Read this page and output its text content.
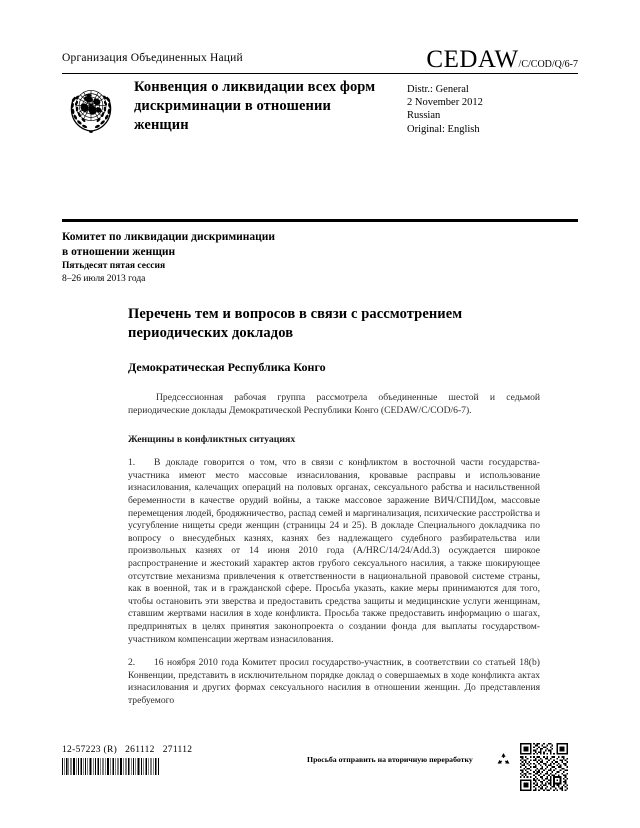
Организация Объединенных Наций	CEDAW /C/COD/Q/6-7
Конвенция о ликвидации всех форм дискриминации в отношении женщин
Distr.: General
2 November 2012
Russian
Original: English
Комитет по ликвидации дискриминации
в отношении женщин
Пятьдесят пятая сессия
8–26 июля 2013 года
Перечень тем и вопросов в связи с рассмотрением периодических докладов
Демократическая Республика Конго

Предсессионная рабочая группа рассмотрела объединенные шестой и седьмой периодические доклады Демократической Республики Конго (CEDAW/C/COD/6-7).

Женщины в конфликтных ситуациях

1. В докладе говорится о том, что в связи с конфликтом в восточной части государства-участника имеют место массовые изнасилования, кровавые расправы и использование изнасилования, калечащих операций на половых органах, сексуального рабства и насильственной беременности в качестве орудий войны, а также массовое заражение ВИЧ/СПИДом, массовые перемещения людей, бродяжничество, распад семей и маргинализация, психические расстройства и усугубление нищеты среди женщин (страницы 24 и 25). В докладе Специального докладчика по вопросу о внесудебных казнях, казнях без надлежащего судебного разбирательства или произвольных казнях от 14 июня 2010 года (A/HRC/14/24/Add.3) осуждается широкое распространение и жестокий характер актов грубого сексуального насилия, а также шокирующее отсутствие механизма привлечения к ответственности в национальной правовой системе страны, как в военной, так и в гражданской сфере. Просьба указать, какие меры принимаются для того, чтобы остановить эти зверства и предоставить средства защиты и медицинские услуги женщинам, ставшим жертвами насилия в ходе конфликта. Просьба также предоставить информацию о шагах, предпринятых в целях принятия законопроекта о создании фонда для выплаты государством-участником компенсации жертвам изнасилования.

2. 16 ноября 2010 года Комитет просил государство-участник, в соответствии со статьей 18(b) Конвенции, представить в исключительном порядке доклад о совершаемых в ходе конфликта актах изнасилования и других формах сексуального насилия в отношении женщин. До представления требуемого

12-57223 (R) 261112 271112
Просьба отправить на вторичную переработку
